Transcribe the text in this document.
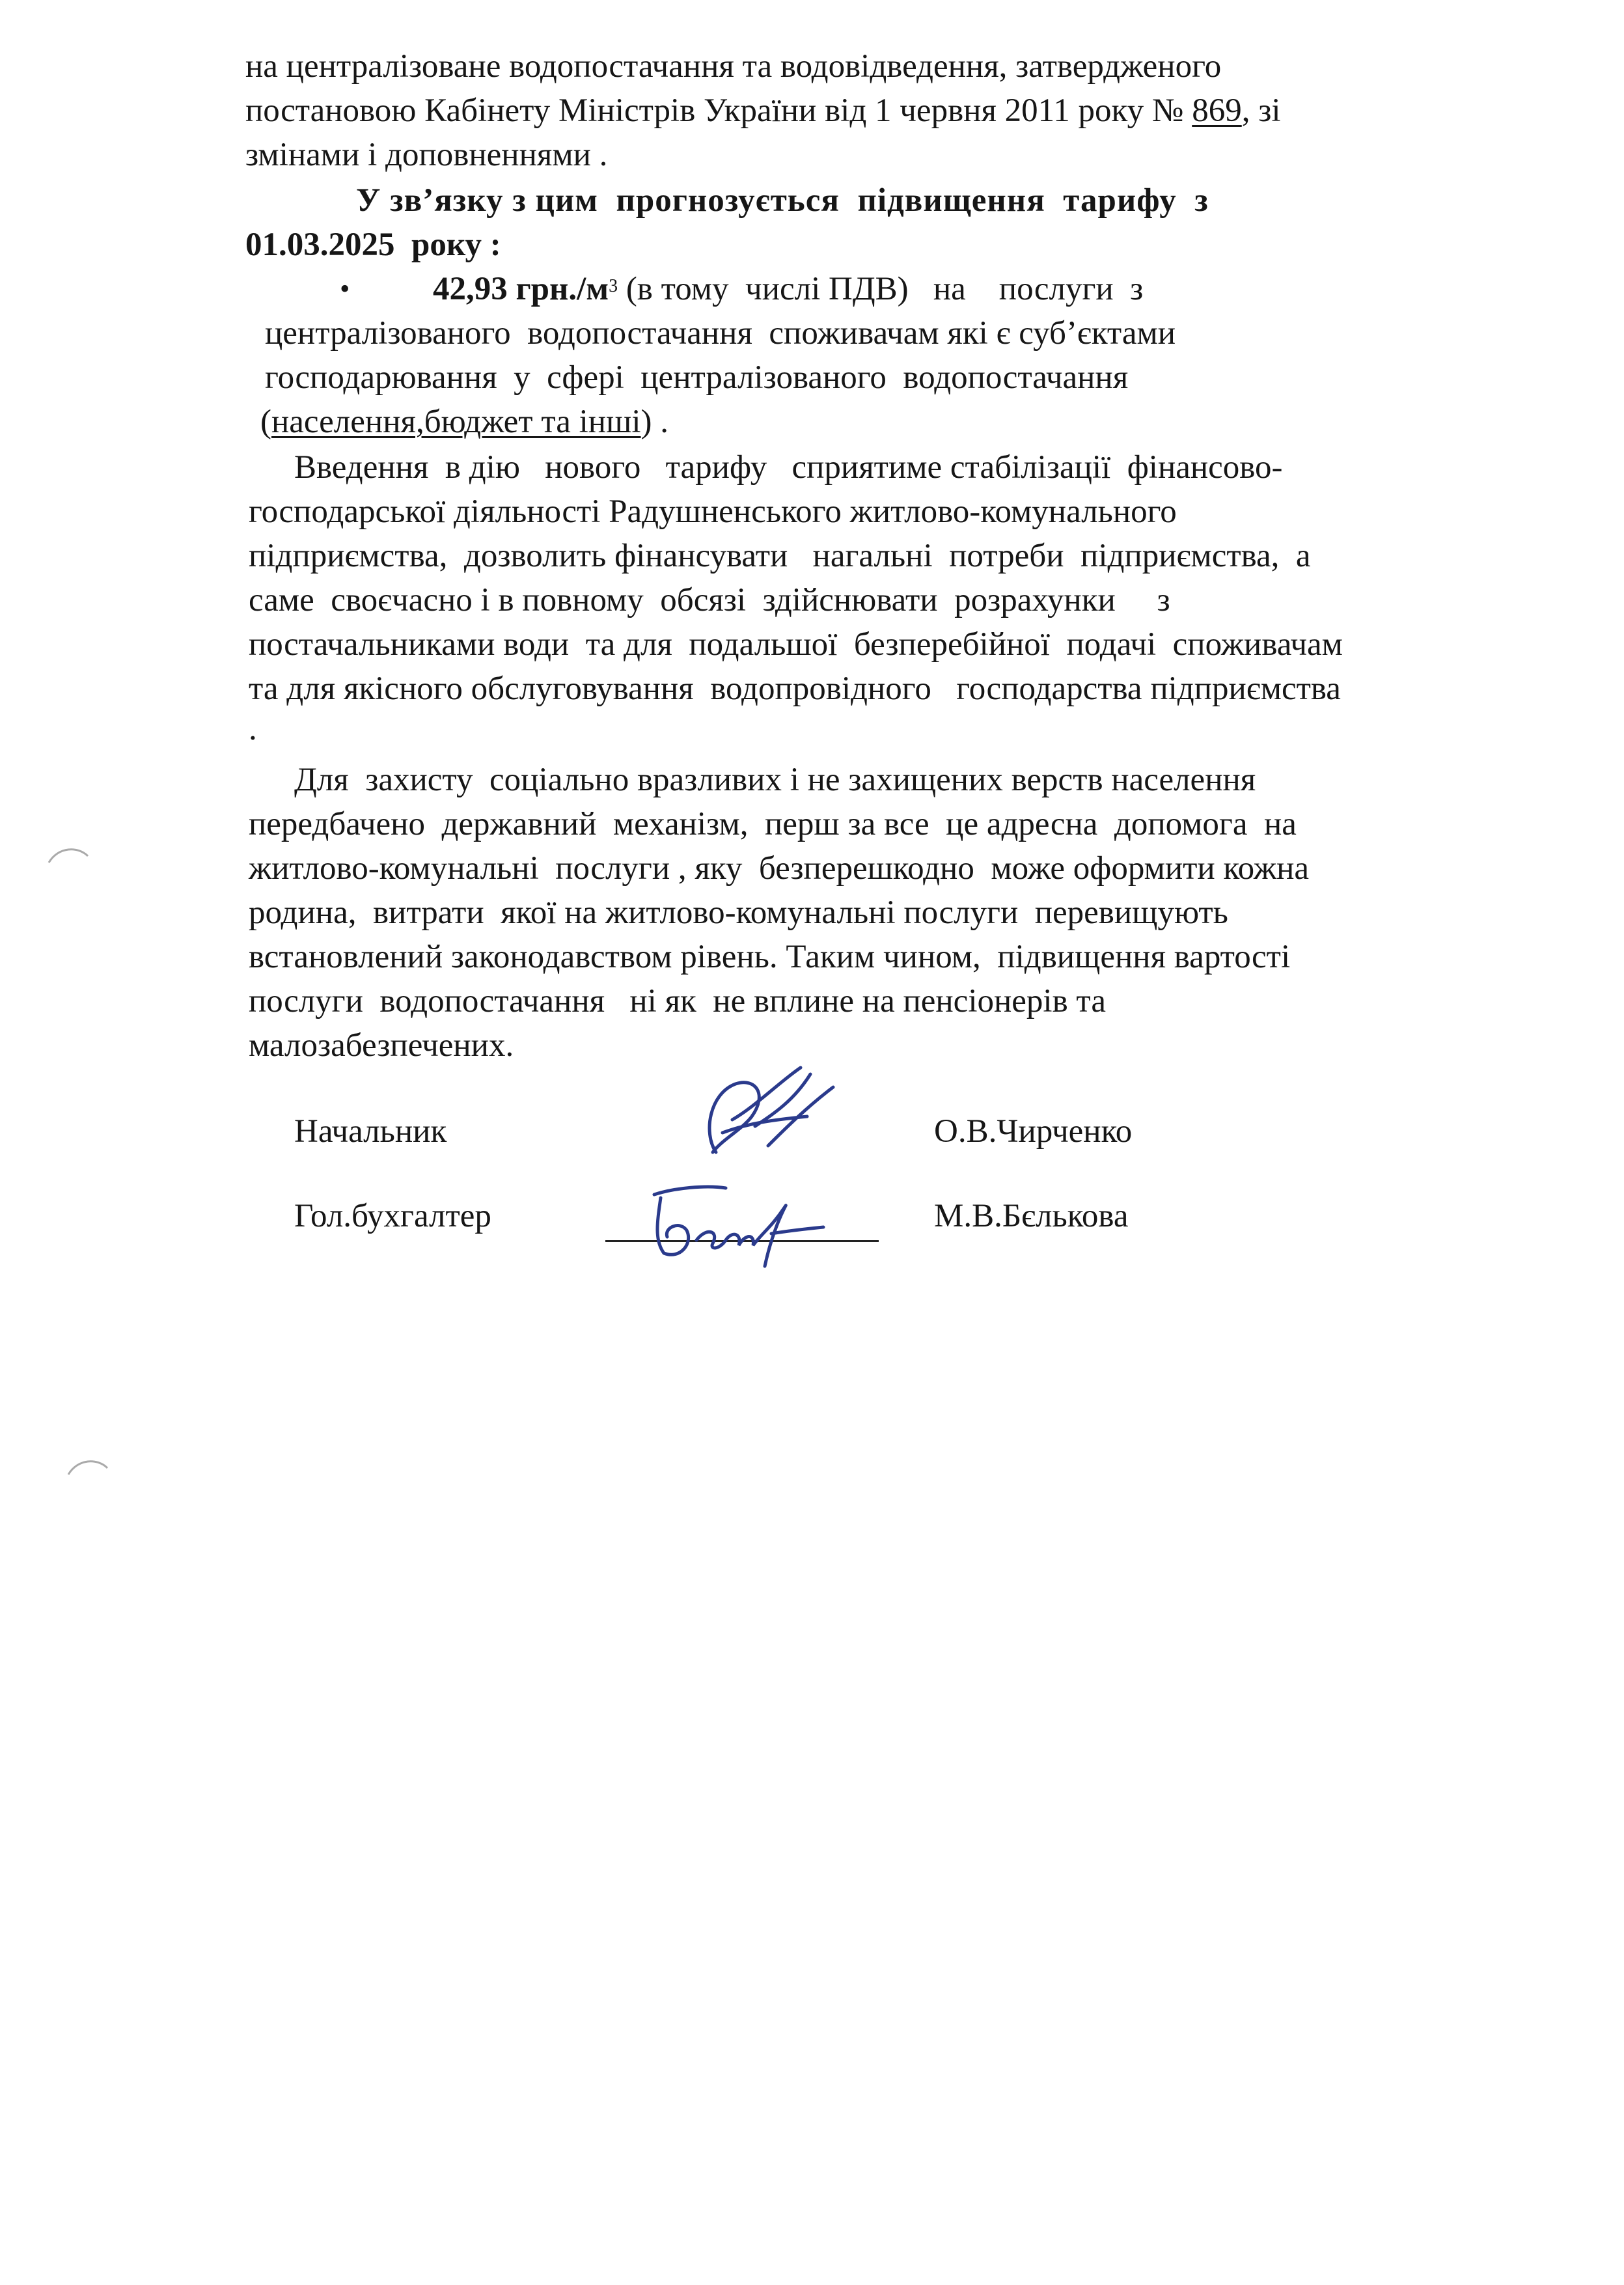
на централізоване водопостачання та водовідведення, затвердженого
постановою Кабінету Міністрів України від 1 червня 2011 року № 869, зі
змінами і доповненнями .
У зв’язку з цим  прогнозується  підвищення  тарифу  з
01.03.2025  року :
•	42,93 $грн./м^3$ (в тому  числі ПДВ)   на    послуги  з
централізованого  водопостачання  споживачам які є суб’єктами
господарювання  у  сфері  централізованого  водопостачання
(населення,бюджет та інші) .
Введення  в дію   нового   тарифу   сприятиме стабілізації  фінансово-
господарської діяльності Радушненського житлово-комунального
підприємства,  дозволить фінансувати   нагальні  потреби  підприємства,  а
саме  своєчасно і в повному  обсязі  здійснювати  розрахунки     з
постачальниками води  та для  подальшої  безперебійної  подачі  споживачам
та для якісного обслуговування  водопровідного   господарства підприємства
.
Для  захисту  соціально вразливих і не захищених верств населення
передбачено  державний  механізм,  перш за все  це адресна  допомога  на
житлово-комунальні  послуги , яку  безперешкодно  може оформити кожна
родина,  витрати  якої на житлово-комунальні послуги  перевищують
встановлений законодавством рівень. Таким чином,  підвищення вартості
послуги  водопостачання   ні як  не вплине на пенсіонерів та
малозабезпечених.
Начальник	О.В.Чирченко
Гол.бухгалтер	М.В.Бєлькова
